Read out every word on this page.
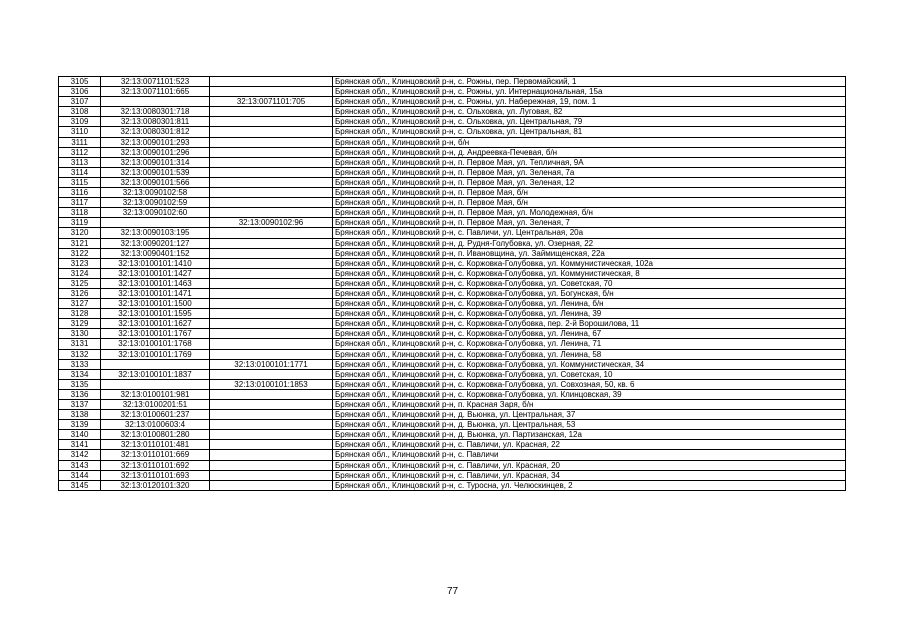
3105	32:13:0071101:523		Брянская обл., Клинцовский р-н, с. Рожны, пер. Первомайский, 1
3106	32:13:0071101:665		Брянская обл., Клинцовский р-н, с. Рожны, ул. Интернациональная, 15а
3107		32:13:0071101:705	Брянская обл., Клинцовский р-н, с. Рожны, ул. Набережная, 19, пом. 1
3108	32:13:0080301:718		Брянская обл., Клинцовский р-н, с. Ольховка, ул. Луговая, 82
3109	32:13:0080301:811		Брянская обл., Клинцовский р-н, с. Ольховка, ул. Центральная, 79
3110	32:13:0080301:812		Брянская обл., Клинцовский р-н, с. Ольховка, ул. Центральная, 81
3111	32:13:0090101:293		Брянская обл., Клинцовский р-н, б/н
3112	32:13:0090101:296		Брянская обл., Клинцовский р-н, д. Андреевка-Печевая, б/н
3113	32:13:0090101:314		Брянская обл., Клинцовский р-н, п. Первое Мая, ул. Тепличная, 9А
3114	32:13:0090101:539		Брянская обл., Клинцовский р-н, п. Первое Мая, ул. Зеленая, 7а
3115	32:13:0090101:566		Брянская обл., Клинцовский р-н, п. Первое Мая, ул. Зеленая, 12
3116	32:13:0090102:58		Брянская обл., Клинцовский р-н, п. Первое Мая, б/н
3117	32:13:0090102:59		Брянская обл., Клинцовский р-н, п. Первое Мая, б/н
3118	32:13:0090102:60		Брянская обл., Клинцовский р-н, п. Первое Мая, ул. Молодежная, б/н
3119		32:13:0090102:96	Брянская обл., Клинцовский р-н, п. Первое Мая, ул. Зеленая, 7
3120	32:13:0090103:195		Брянская обл., Клинцовский р-н, с. Павличи, ул. Центральная, 20а
3121	32:13:0090201:127		Брянская обл., Клинцовский р-н, д. Рудня-Голубовка, ул. Озерная, 22
3122	32:13:0090401:152		Брянская обл., Клинцовский р-н, п. Ивановщина, ул. Займищенская, 22а
3123	32:13:0100101:1410		Брянская обл., Клинцовский р-н, с. Коржовка-Голубовка, ул. Коммунистическая, 102а
3124	32:13:0100101:1427		Брянская обл., Клинцовский р-н, с. Коржовка-Голубовка, ул. Коммунистическая, 8
3125	32:13:0100101:1463		Брянская обл., Клинцовский р-н, с. Коржовка-Голубовка, ул. Советская, 70
3126	32:13:0100101:1471		Брянская обл., Клинцовский р-н, с. Коржовка-Голубовка, ул. Богунская, б/н
3127	32:13:0100101:1500		Брянская обл., Клинцовский р-н, с. Коржовка-Голубовка, ул. Ленина, б/н
3128	32:13:0100101:1595		Брянская обл., Клинцовский р-н, с. Коржовка-Голубовка, ул. Ленина, 39
3129	32:13:0100101:1627		Брянская обл., Клинцовский р-н, с. Коржовка-Голубовка, пер. 2-й Ворошилова, 11
3130	32:13:0100101:1767		Брянская обл., Клинцовский р-н, с. Коржовка-Голубовка, ул. Ленина, 67
3131	32:13:0100101:1768		Брянская обл., Клинцовский р-н, с. Коржовка-Голубовка, ул. Ленина, 71
3132	32:13:0100101:1769		Брянская обл., Клинцовский р-н, с. Коржовка-Голубовка, ул. Ленина, 58
3133		32:13:0100101:1771	Брянская обл., Клинцовский р-н, с. Коржовка-Голубовка, ул. Коммунистическая, 34
3134	32:13:0100101:1837		Брянская обл., Клинцовский р-н, с. Коржовка-Голубовка, ул. Советская, 10
3135		32:13:0100101:1853	Брянская обл., Клинцовский р-н, с. Коржовка-Голубовка, ул. Совхозная, 50, кв. 6
3136	32:13:0100101:981		Брянская обл., Клинцовский р-н, с. Коржовка-Голубовка, ул. Клинцовская, 39
3137	32:13:0100201:51		Брянская обл., Клинцовский р-н, п. Красная Заря, б/н
3138	32:13:0100601:237		Брянская обл., Клинцовский р-н, д. Вьюнка, ул. Центральная, 37
3139	32:13:0100603:4		Брянская обл., Клинцовский р-н, д. Вьюнка, ул. Центральная, 53
3140	32:13:0100801:280		Брянская обл., Клинцовский р-н, д. Вьюнка, ул. Партизанская, 12а
3141	32:13:0110101:481		Брянская обл., Клинцовский р-н, с. Павличи, ул. Красная, 22
3142	32:13:0110101:669		Брянская обл., Клинцовский р-н, с. Павличи
3143	32:13:0110101:692		Брянская обл., Клинцовский р-н, с. Павличи, ул. Красная, 20
3144	32:13:0110101:693		Брянская обл., Клинцовский р-н, с. Павличи, ул. Красная, 34
3145	32:13:0120101:320		Брянская обл., Клинцовский р-н, с. Туросна, ул. Челюскинцев, 2
77
